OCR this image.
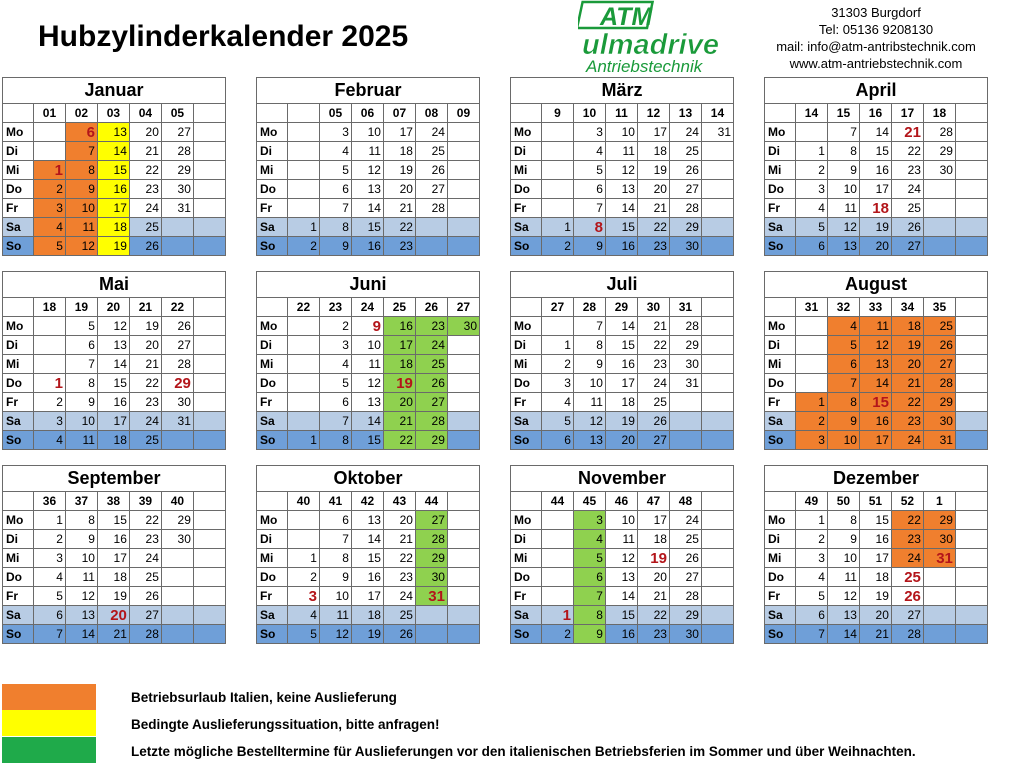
Hubzylinderkalender 2025
ATM
ulmadrive
Antriebstechnik
31303 Burgdorf
Tel: 05136 9208130
mail: info@atm-antribstechnik.com
www.atm-antriebstechnik.com
Januar						
	01	02	03	04	05	
Mo		6	13	20	27	
Di		7	14	21	28	
Mi	1	8	15	22	29	
Do	2	9	16	23	30	
Fr	3	10	17	24	31	
Sa	4	11	18	25		
So	5	12	19	26		
Februar						
		05	06	07	08	09
Mo		3	10	17	24	
Di		4	11	18	25	
Mi		5	12	19	26	
Do		6	13	20	27	
Fr		7	14	21	28	
Sa	1	8	15	22		
So	2	9	16	23		
März						
	9	10	11	12	13	14
Mo		3	10	17	24	31
Di		4	11	18	25	
Mi		5	12	19	26	
Do		6	13	20	27	
Fr		7	14	21	28	
Sa	1	8	15	22	29	
So	2	9	16	23	30	
April						
	14	15	16	17	18	
Mo		7	14	21	28	
Di	1	8	15	22	29	
Mi	2	9	16	23	30	
Do	3	10	17	24		
Fr	4	11	18	25		
Sa	5	12	19	26		
So	6	13	20	27		
Mai						
	18	19	20	21	22	
Mo		5	12	19	26	
Di		6	13	20	27	
Mi		7	14	21	28	
Do	1	8	15	22	29	
Fr	2	9	16	23	30	
Sa	3	10	17	24	31	
So	4	11	18	25		
Juni						
	22	23	24	25	26	27
Mo		2	9	16	23	30
Di		3	10	17	24	
Mi		4	11	18	25	
Do		5	12	19	26	
Fr		6	13	20	27	
Sa		7	14	21	28	
So	1	8	15	22	29	
Juli						
	27	28	29	30	31	
Mo		7	14	21	28	
Di	1	8	15	22	29	
Mi	2	9	16	23	30	
Do	3	10	17	24	31	
Fr	4	11	18	25		
Sa	5	12	19	26		
So	6	13	20	27		
August						
	31	32	33	34	35	
Mo		4	11	18	25	
Di		5	12	19	26	
Mi		6	13	20	27	
Do		7	14	21	28	
Fr	1	8	15	22	29	
Sa	2	9	16	23	30	
So	3	10	17	24	31	
September						
	36	37	38	39	40	
Mo	1	8	15	22	29	
Di	2	9	16	23	30	
Mi	3	10	17	24		
Do	4	11	18	25		
Fr	5	12	19	26		
Sa	6	13	20	27		
So	7	14	21	28		
Oktober						
	40	41	42	43	44	
Mo		6	13	20	27	
Di		7	14	21	28	
Mi	1	8	15	22	29	
Do	2	9	16	23	30	
Fr	3	10	17	24	31	
Sa	4	11	18	25		
So	5	12	19	26		
November						
	44	45	46	47	48	
Mo		3	10	17	24	
Di		4	11	18	25	
Mi		5	12	19	26	
Do		6	13	20	27	
Fr		7	14	21	28	
Sa	1	8	15	22	29	
So	2	9	16	23	30	
Dezember						
	49	50	51	52	1	
Mo	1	8	15	22	29	
Di	2	9	16	23	30	
Mi	3	10	17	24	31	
Do	4	11	18	25		
Fr	5	12	19	26		
Sa	6	13	20	27		
So	7	14	21	28		
Betriebsurlaub Italien, keine Auslieferung
Bedingte Auslieferungssituation, bitte anfragen!
Letzte mögliche Bestelltermine für Auslieferungen vor den italienischen Betriebsferien im Sommer und über Weihnachten.
